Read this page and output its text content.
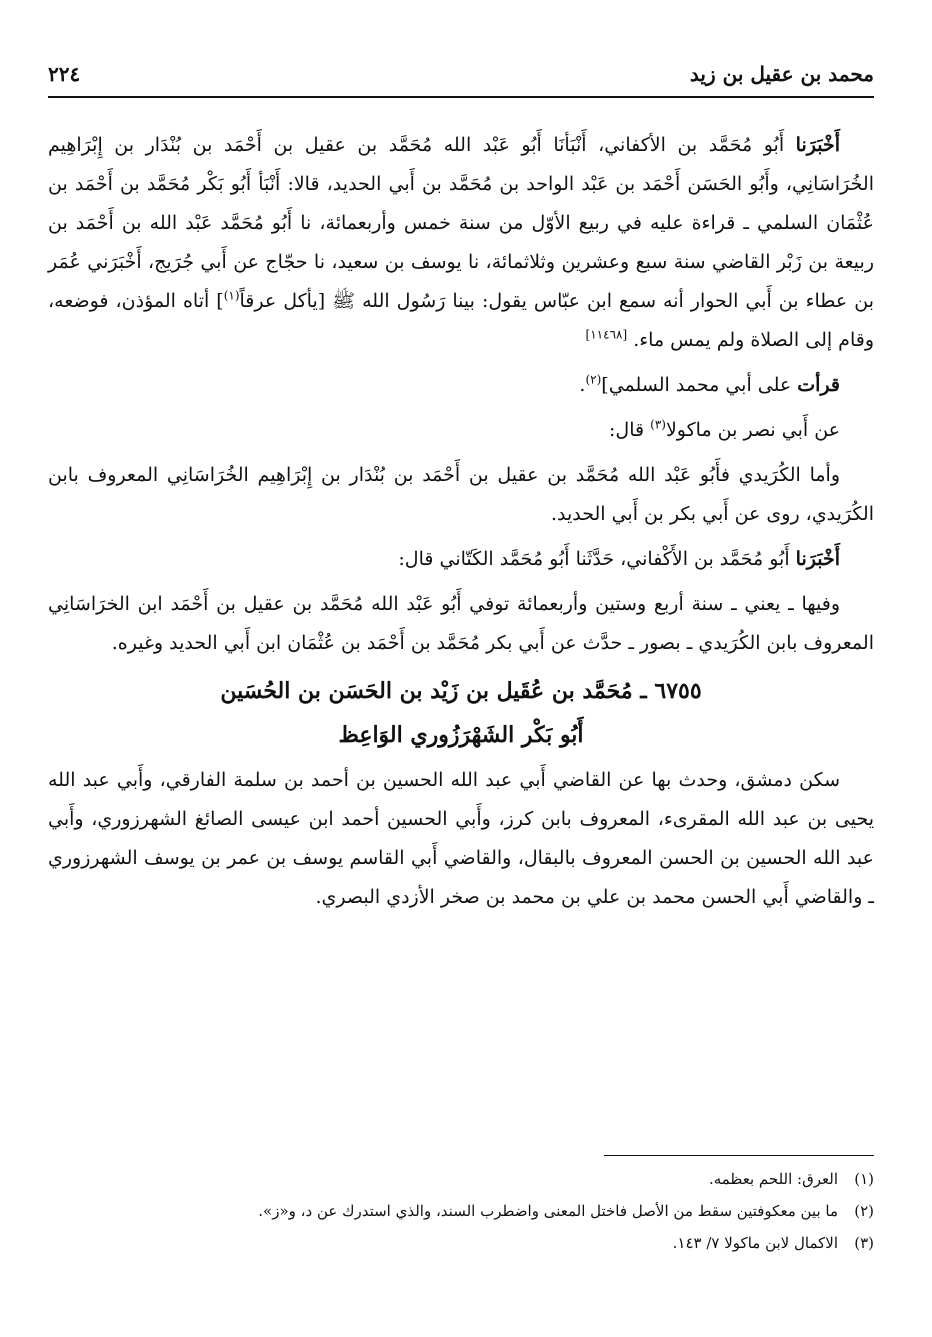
محمد بن عقيل بن زيد
٢٢٤

أَخْبَرَنا أَبُو مُحَمَّد بن الأكفاني، أَنْبَأنَا أَبُو عَبْد الله مُحَمَّد بن عقيل بن أَحْمَد بن بُنْدَار بن إِبْرَاهِيم الخُرَاسَانِي، وأَبُو الحَسَن أَحْمَد بن عَبْد الواحد بن مُحَمَّد بن أَبي الحديد، قالا: أَنْبَأ أَبُو بَكْر مُحَمَّد بن أَحْمَد بن عُثْمَان السلمي ـ قراءة عليه في ربيع الأوّل من سنة خمس وأربعمائة، نا أَبُو مُحَمَّد عَبْد الله بن أَحْمَد بن ربيعة بن زَبْر القاضي سنة سبع وعشرين وثلاثمائة، نا يوسف بن سعيد، نا حجّاج عن أَبي جُرَيج، أَخْبَرَني عُمَر بن عطاء بن أَبي الحوار أنه سمع ابن عبّاس يقول: بينا رَسُول الله ﷺ [يأكل عرقاً$^{(١)}$] أتاه المؤذن، فوضعه، وقام إلى الصلاة ولم يمس ماء. [١١٤٦٨]

قرأت على أبي محمد السلمي]$^{(٢)}$.

عن أَبي نصر بن ماكولا$^{(٣)}$ قال:

وأما الكُرَيدي فأَبُو عَبْد الله مُحَمَّد بن عقيل بن أَحْمَد بن بُنْدَار بن إِبْرَاهِيم الخُرَاسَانِي المعروف بابن الكُرَيدي، روى عن أَبي بكر بن أَبي الحديد.

أَخْبَرَنا أَبُو مُحَمَّد بن الأَكْفاني، حَدَّثَنا أَبُو مُحَمَّد الكَتّاني قال:

وفيها ـ يعني ـ سنة أربع وستين وأربعمائة توفي أَبُو عَبْد الله مُحَمَّد بن عقيل بن أَحْمَد ابن الخرَاسَانِي المعروف بابن الكُرَيدي ـ بصور ـ حدَّث عن أَبي بكر مُحَمَّد بن أَحْمَد بن عُثْمَان ابن أَبي الحديد وغيره.

٦٧٥٥ ـ مُحَمَّد بن عُقَيل بن زَيْد بن الحَسَن بن الحُسَين
أَبُو بَكْر الشَهْرَزُوري الوَاعِظ

سكن دمشق، وحدث بها عن القاضي أَبي عبد الله الحسين بن أحمد بن سلمة الفارقي، وأَبي عبد الله يحيى بن عبد الله المقرىء، المعروف بابن كرز، وأَبي الحسين أحمد ابن عيسى الصائغ الشهرزوري، وأَبي عبد الله الحسين بن الحسن المعروف بالبقال، والقاضي أَبي القاسم يوسف بن عمر بن يوسف الشهرزوري ـ والقاضي أَبي الحسن محمد بن علي بن محمد بن صخر الأزدي البصري.

(١)
العرق: اللحم بعظمه.
(٢)
ما بين معكوفتين سقط من الأصل فاختل المعنى واضطرب السند، والذي استدرك عن د، و«ز».
(٣)
الاكمال لابن ماكولا ٧/ ١٤٣.
